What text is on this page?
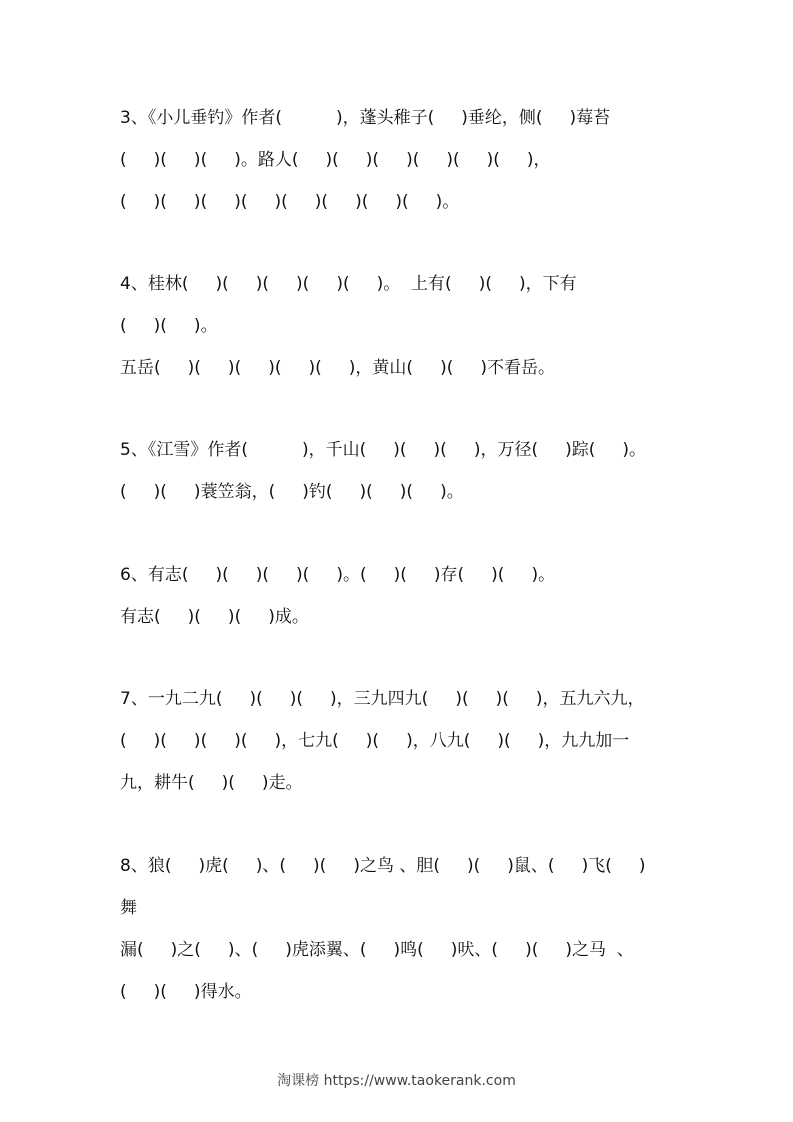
3、《小儿垂钓》作者(          )，蓬头稚子(     )垂纶，侧(     )莓苔
(     )(     )(     )。路人(     )(     )(     )(     )(     )(     )，
(     )(     )(     )(     )(     )(     )(     )(     )。
4、桂林(     )(     )(     )(     )(     )。  上有(     )(     )，下有
(     )(     )。
五岳(     )(     )(     )(     )(     )，黄山(     )(     )不看岳。
5、《江雪》作者(          )，千山(     )(     )(     )，万径(     )踪(     )。
(     )(     )蓑笠翁，(     )钓(     )(     )(     )。
6、有志(     )(     )(     )(     )。(     )(     )存(     )(     )。
有志(     )(     )(     )成。
7、一九二九(     )(     )(     )，三九四九(     )(     )(     )，五九六九，
(     )(     )(     )(     )，七九(     )(     )，八九(     )(     )，九九加一
九，耕牛(     )(     )走。
8、狼(     )虎(     )、(     )(     )之鸟 、胆(     )(     )鼠、(     )飞(     )
舞
漏(     )之(     )、(     )虎添翼、(     )鸣(     )吠、(     )(     )之马  、
(     )(     )得水。
淘课榜 https://www.taokerank.com
